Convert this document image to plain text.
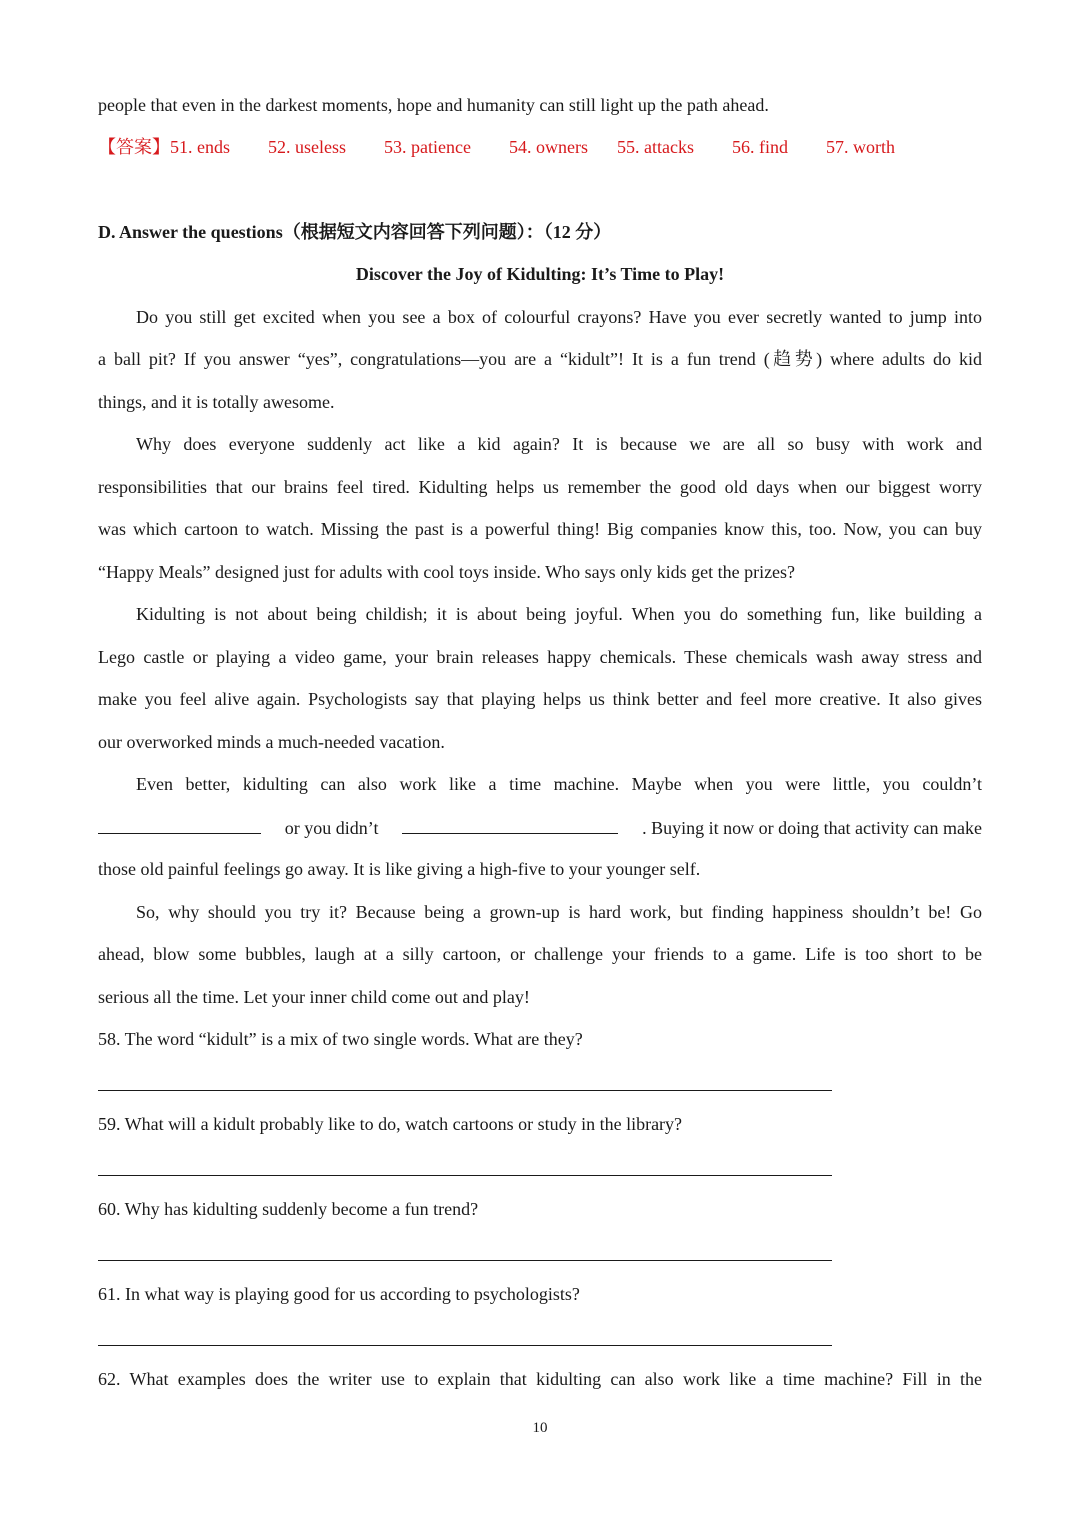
people that even in the darkest moments, hope and humanity can still light up the path ahead.
【答案】51. ends 52. useless 53. patience 54. owners 55. attacks 56. find 57. worth
D. Answer the questions（根据短文内容回答下列问题）：（12 分）
Discover the Joy of Kidulting: It’s Time to Play!
Do you still get excited when you see a box of colourful crayons? Have you ever secretly wanted to jump into
a ball pit? If you answer “yes”, congratulations—you are a “kidult”! It is a fun trend (趋势) where adults do kid
things, and it is totally awesome.
Why does everyone suddenly act like a kid again? It is because we are all so busy with work and
responsibilities that our brains feel tired. Kidulting helps us remember the good old days when our biggest worry
was which cartoon to watch. Missing the past is a powerful thing! Big companies know this, too. Now, you can buy
“Happy Meals” designed just for adults with cool toys inside. Who says only kids get the prizes?
Kidulting is not about being childish; it is about being joyful. When you do something fun, like building a
Lego castle or playing a video game, your brain releases happy chemicals. These chemicals wash away stress and
make you feel alive again. Psychologists say that playing helps us think better and feel more creative. It also gives
our overworked minds a much-needed vacation.
Even better, kidulting can also work like a time machine. Maybe when you were little, you couldn’t
or you didn’t	. Buying it now or doing that activity can make
those old painful feelings go away. It is like giving a high-five to your younger self.
So, why should you try it? Because being a grown-up is hard work, but finding happiness shouldn’t be! Go
ahead, blow some bubbles, laugh at a silly cartoon, or challenge your friends to a game. Life is too short to be
serious all the time. Let your inner child come out and play!
58. The word “kidult” is a mix of two single words. What are they?
59. What will a kidult probably like to do, watch cartoons or study in the library?
60. Why has kidulting suddenly become a fun trend?
61. In what way is playing good for us according to psychologists?
62. What examples does the writer use to explain that kidulting can also work like a time machine? Fill in the
10
